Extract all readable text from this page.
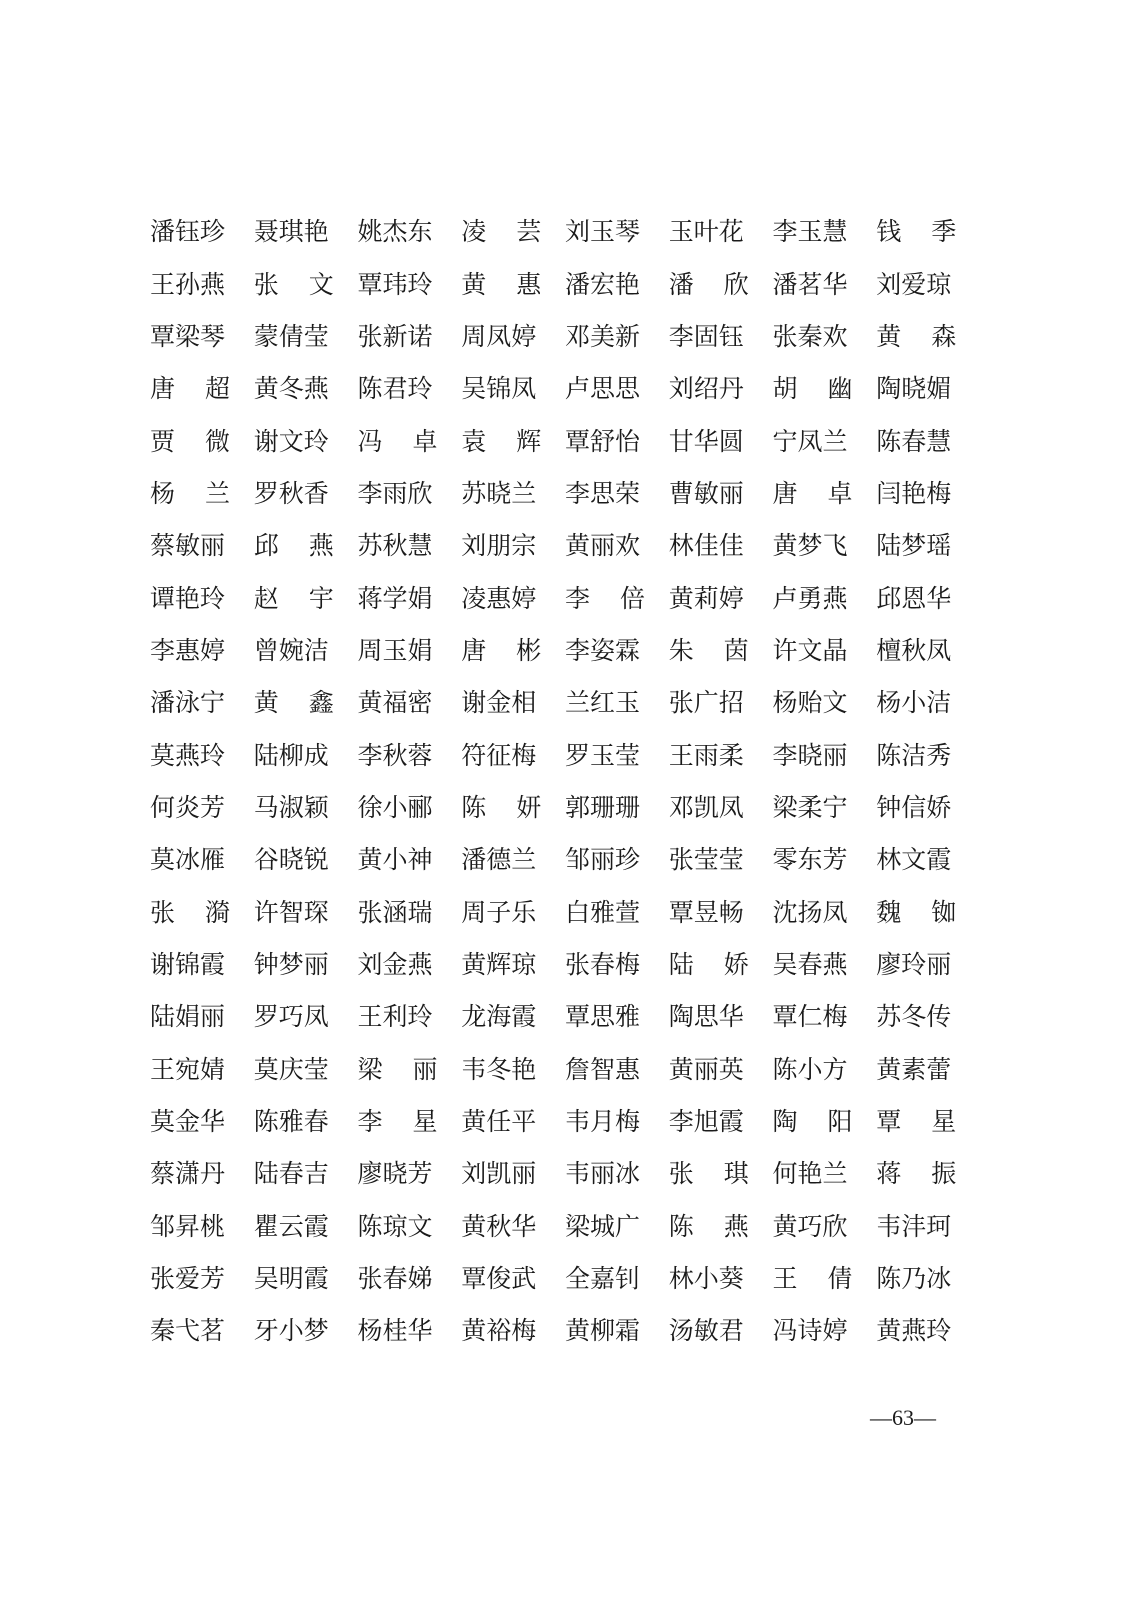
潘钰珍 聂琪艳 姚杰东 凌 芸 刘玉琴 玉叶花 李玉慧 钱 季
王孙燕 张 文 覃玮玲 黄 惠 潘宏艳 潘 欣 潘茗华 刘爱琼
覃梁琴 蒙倩莹 张新诺 周凤婷 邓美新 李固钰 张秦欢 黄 森
唐 超 黄冬燕 陈君玲 吴锦凤 卢思思 刘绍丹 胡 幽 陶晓媚
贾 微 谢文玲 冯 卓 袁 辉 覃舒怡 甘华圆 宁凤兰 陈春慧
杨 兰 罗秋香 李雨欣 苏晓兰 李思荣 曹敏丽 唐 卓 闫艳梅
蔡敏丽 邱 燕 苏秋慧 刘朋宗 黄丽欢 林佳佳 黄梦飞 陆梦瑶
谭艳玲 赵 宇 蒋学娟 凌惠婷 李 倍 黄莉婷 卢勇燕 邱恩华
李惠婷 曾婉洁 周玉娟 唐 彬 李姿霖 朱 茵 许文晶 檀秋凤
潘泳宁 黄 鑫 黄福密 谢金相 兰红玉 张广招 杨贻文 杨小洁
莫燕玲 陆柳成 李秋蓉 符征梅 罗玉莹 王雨柔 李晓丽 陈洁秀
何炎芳 马淑颖 徐小郦 陈 妍 郭珊珊 邓凯凤 梁柔宁 钟信娇
莫冰雁 谷晓锐 黄小神 潘德兰 邹丽珍 张莹莹 零东芳 林文霞
张 漪 许智琛 张涵瑞 周子乐 白雅萱 覃昱畅 沈扬凤 魏 铷
谢锦霞 钟梦丽 刘金燕 黄辉琼 张春梅 陆 娇 吴春燕 廖玲丽
陆娟丽 罗巧凤 王利玲 龙海霞 覃思雅 陶思华 覃仁梅 苏冬传
王宛婧 莫庆莹 梁 丽 韦冬艳 詹智惠 黄丽英 陈小方 黄素蕾
莫金华 陈雅春 李 星 黄任平 韦月梅 李旭霞 陶 阳 覃 星
蔡潇丹 陆春吉 廖晓芳 刘凯丽 韦丽冰 张 琪 何艳兰 蒋 振
邹昇桃 瞿云霞 陈琼文 黄秋华 梁城广 陈 燕 黄巧欣 韦沣珂
张爱芳 吴明霞 张春娣 覃俊武 全嘉钊 林小葵 王 倩 陈乃冰
秦弋茗 牙小梦 杨桂华 黄裕梅 黄柳霜 汤敏君 冯诗婷 黄燕玲
—63—
